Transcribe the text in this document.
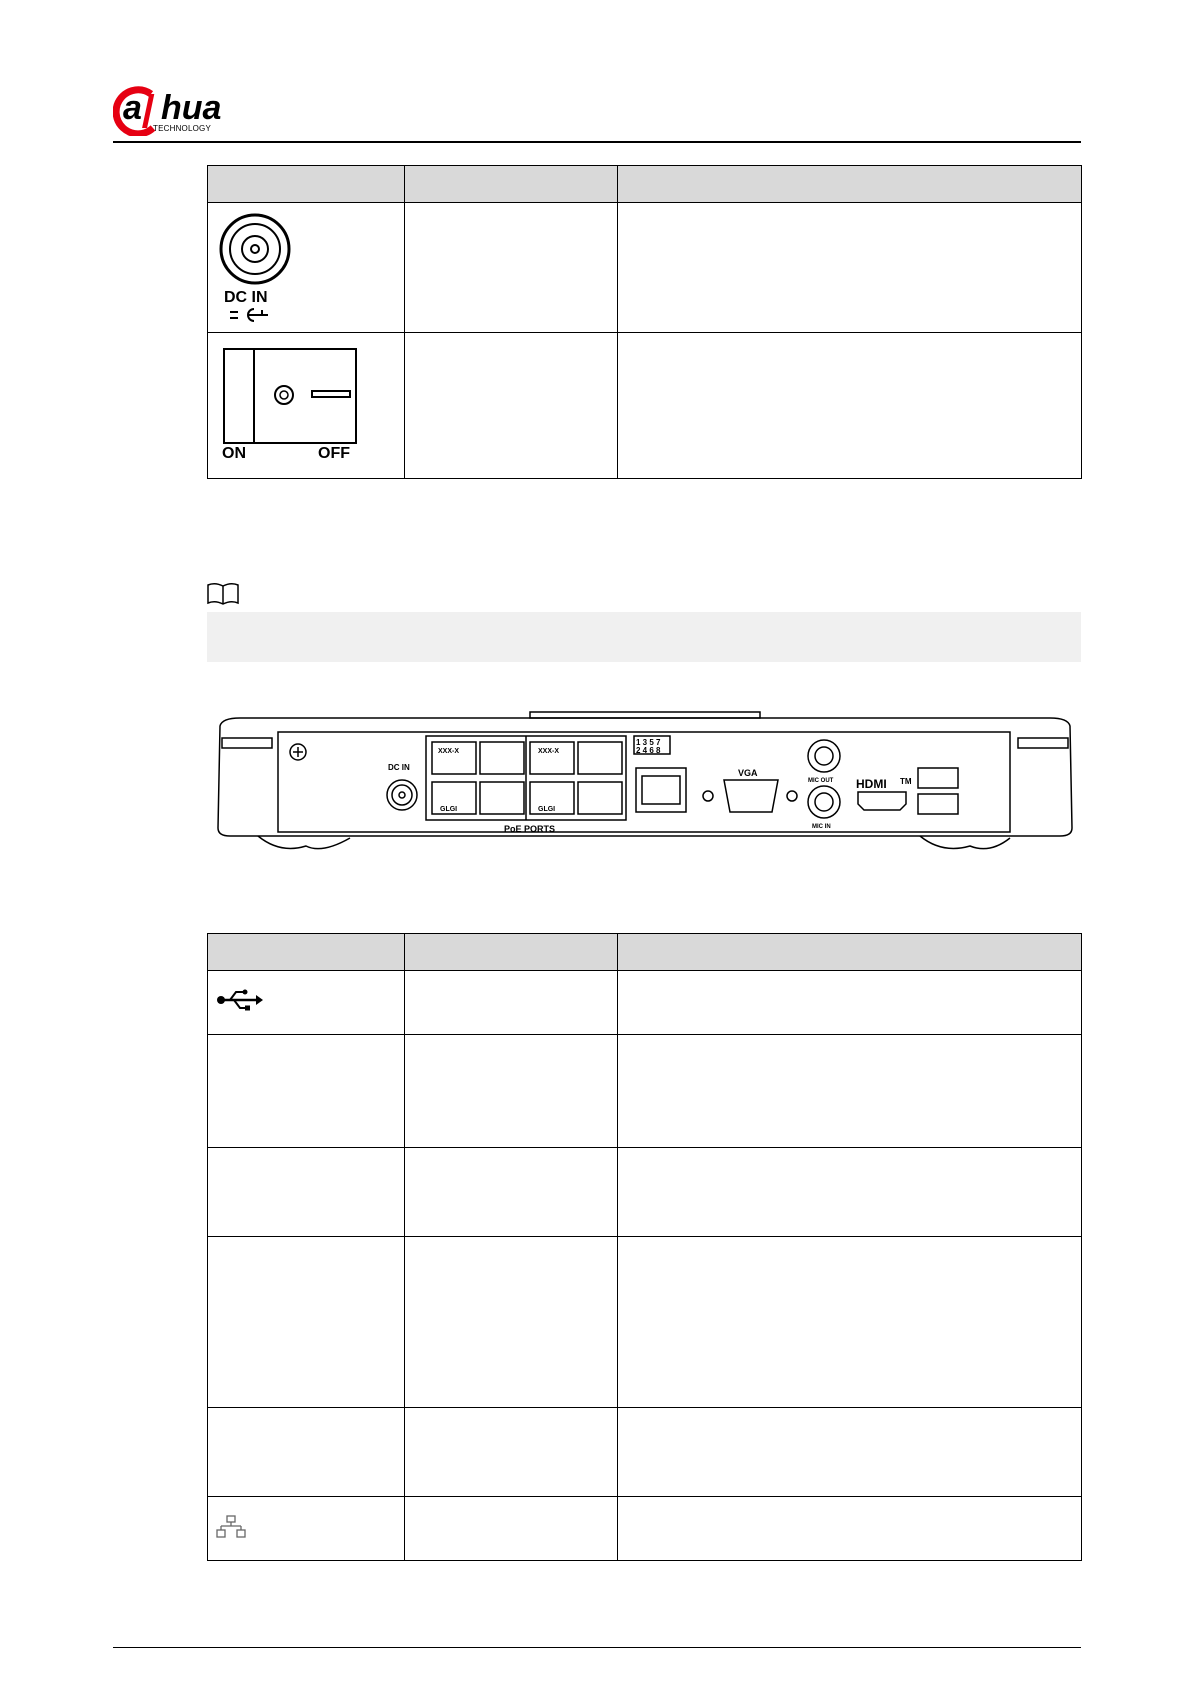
a hua
TECHNOLOGY

DC IN		

ON OFF		

DC IN
PoE PORTS
XXX-X	XXX-X
GLGI	GLGI
1 3 5 7
2 4 6 8
VGA
MIC OUT
MIC IN
HDMI TM
